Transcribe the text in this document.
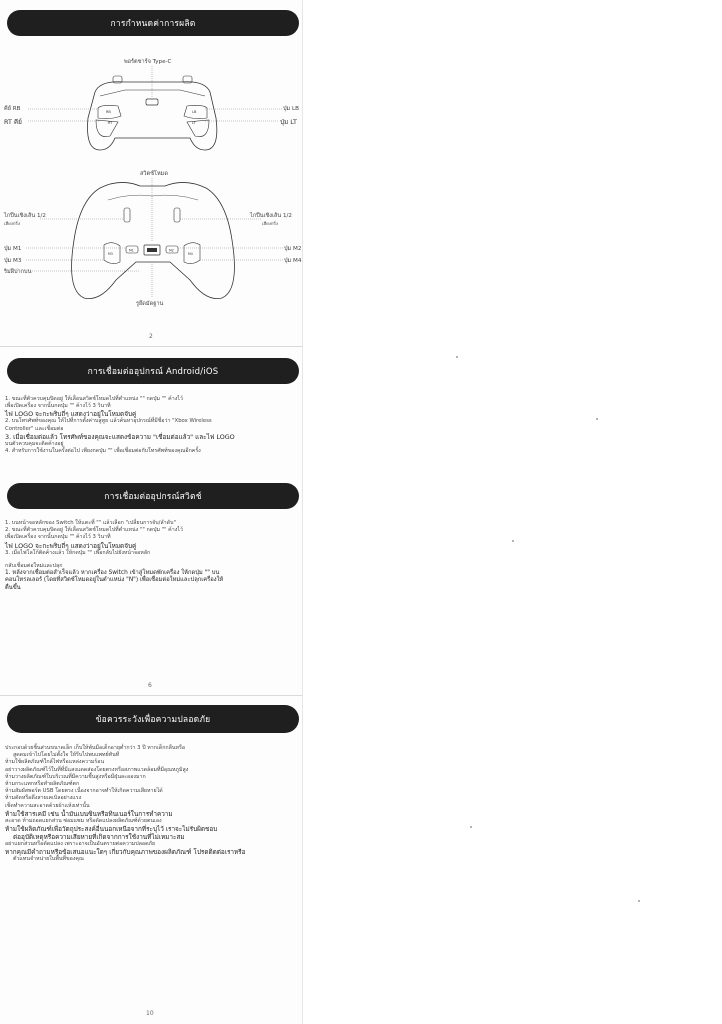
การกำหนดค่าการผลิต
พอร์ตชาร์จ Type-C
RB	LB
RT	LT
คีย์ RB
RT คีย์
ปุ่ม LB
ปุ่ม LT
สวิตช์โหมด
M1	M2
M3	M4
ไกปืนเชิงเส้น 1/2
เสียงกริ่ง
ไกปืนเชิงเส้น 1/2
เสียงกริ่ง
ปุ่ม M1
ปุ่ม M3
ปุ่ม M2
ปุ่ม M4
ริมฝีปากบน
รูยึดมัดฐาน
2
การเชื่อมต่ออุปกรณ์ Android/iOS

1. ขณะที่ตัวควบคุมปิดอยู่ ให้เลื่อนสวิตช์โหมดไปที่ตำแหน่ง "" กดปุ่ม "" ค้างไว้

เพื่อเปิดเครื่อง จากนั้นกดปุ่ม "" ค้างไว้ 3 วินาที

ไฟ LOGO จะกะพริบถี่ๆ แสดงว่าอยู่ในโหมดจับคู่

2. บนโทรศัพท์ของคุณ ให้ไปที่การตั้งค่าบลูทูธ แล้วค้นหาอุปกรณ์ที่มีชื่อว่า "Xbox Wireless

Controller" และเชื่อมต่อ

3. เมื่อเชื่อมต่อแล้ว โทรศัพท์ของคุณจะแสดงข้อความ "เชื่อมต่อแล้ว" และไฟ LOGO

บนตัวควบคุมจะติดค้างอยู่

4. สำหรับการใช้งานในครั้งต่อไป เพียงกดปุ่ม "" เพื่อเชื่อมต่อกับโทรศัพท์ของคุณอีกครั้ง

การเชื่อมต่ออุปกรณ์สวิตช์

1. บนหน้าจอหลักของ Switch ให้แตะที่ "" แล้วเลือก "เปลี่ยนการจับ/ลำดับ"

2. ขณะที่ตัวควบคุมปิดอยู่ ให้เลื่อนสวิตช์โหมดไปที่ตำแหน่ง "" กดปุ่ม "" ค้างไว้

เพื่อเปิดเครื่อง จากนั้นกดปุ่ม "" ค้างไว้ 3 วินาที

ไฟ LOGO จะกะพริบถี่ๆ แสดงว่าอยู่ในโหมดจับคู่

3. เมื่อไฟโลโก้ติดค้างแล้ว ให้กดปุ่ม "" เพื่อกลับไปยังหน้าจอหลัก

กลับเชื่อมต่อใหม่และปลุก

1. หลังจากเชื่อมต่อสำเร็จแล้ว หากเครื่อง Switch เข้าสู่โหมดพักเครื่อง ให้กดปุ่ม "" บน

คอนโทรลเลอร์ (โดยที่สวิตช์โหมดอยู่ในตำแหน่ง "N") เพื่อเชื่อมต่อใหม่และปลุกเครื่องให้

ตื่นขึ้น

6
ข้อควรระวังเพื่อความปลอดภัย

ประกอบด้วยชิ้นส่วนขนาดเล็ก เก็บให้พ้นมือเด็กอายุต่ำกว่า 3 ปี หากเด็กกลืนหรือ

สูดดมเข้าไปโดยไม่ตั้งใจ ให้รีบไปพบแพทย์ทันที

ห้ามใช้ผลิตภัณฑ์ใกล้ไฟหรือแหล่งความร้อน

อย่าวางผลิตภัณฑ์ไว้ในที่ที่มีแสงแดดส่องโดยตรงหรือสภาพแวดล้อมที่มีอุณหภูมิสูง

ห้ามวางผลิตภัณฑ์ในบริเวณที่มีความชื้นสูงหรือมีฝุ่นละอองมาก

ห้ามกระแทกหรือทำผลิตภัณฑ์ตก

ห้ามสัมผัสพอร์ต USB โดยตรง เนื่องจากอาจทำให้เกิดความเสียหายได้

ห้ามดัดหรือดึงสายเคเบิลอย่างแรง

เช็ดทำความสะอาดด้วยผ้าแห้งเท่านั้น

ห้ามใช้สารเคมี เช่น น้ำมันเบนซินหรือทินเนอร์ในการทำความ

สะอาด ห้ามถอดแยกส่วน ซ่อมแซม หรือดัดแปลงผลิตภัณฑ์ด้วยตนเอง

ห้ามใช้ผลิตภัณฑ์เพื่อวัตถุประสงค์อื่นนอกเหนือจากที่ระบุไว้ เราจะไม่รับผิดชอบ

ต่ออุบัติเหตุหรือความเสียหายที่เกิดจากการใช้งานที่ไม่เหมาะสม

อย่าแยกส่วนหรือดัดแปลง เพราะอาจเป็นอันตรายต่อความปลอดภัย

หากคุณมีคำถามหรือข้อเสนอแนะใดๆ เกี่ยวกับคุณภาพของผลิตภัณฑ์ โปรดติดต่อเราหรือ

ตัวแทนจำหน่ายในพื้นที่ของคุณ

10
